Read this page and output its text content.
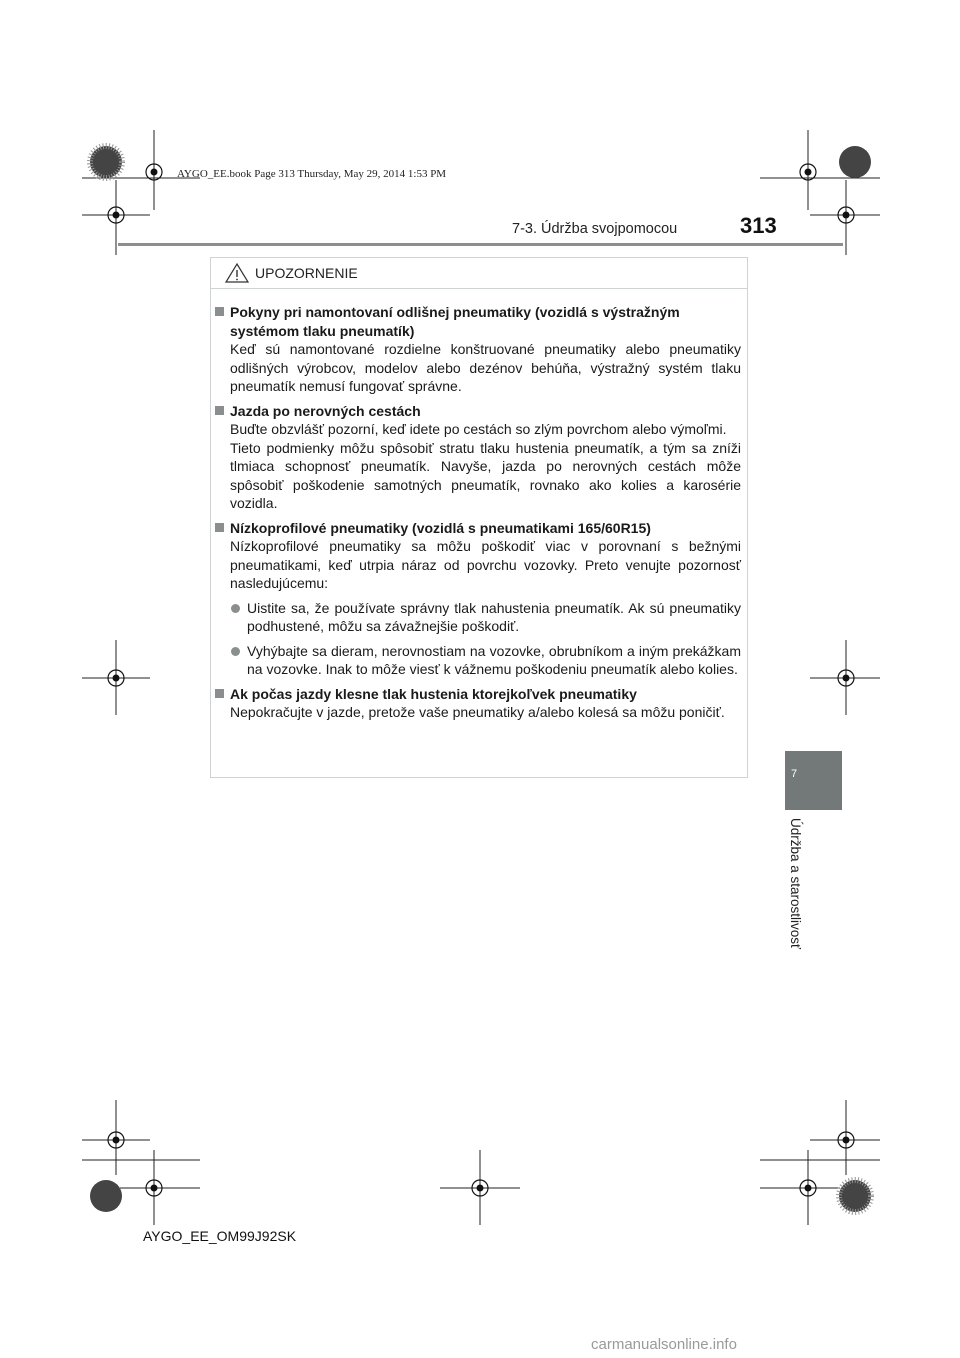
AYGO_EE.book Page 313 Thursday, May 29, 2014 1:53 PM
7-3. Údržba svojpomocou	313
7
Údržba a starostlivosť
UPOZORNENIE
Pokyny pri namontovaní odlišnej pneumatiky (vozidlá s výstražným systémom tlaku pneumatík)

Keď sú namontované rozdielne konštruované pneumatiky alebo pneumatiky odlišných výrobcov, modelov alebo dezénov behúňa, výstražný systém tlaku pneumatík nemusí fungovať správne.

Jazda po nerovných cestách

Buďte obzvlášť pozorní, keď idete po cestách so zlým povrchom alebo výmoľmi.

Tieto podmienky môžu spôsobiť stratu tlaku hustenia pneumatík, a tým sa zníži tlmiaca schopnosť pneumatík. Navyše, jazda po nerovných cestách môže spôsobiť poškodenie samotných pneumatík, rovnako ako kolies a karosérie vozidla.

Nízkoprofilové pneumatiky (vozidlá s pneumatikami 165/60R15)

Nízkoprofilové pneumatiky sa môžu poškodiť viac v porovnaní s bežnými pneumatikami, keď utrpia náraz od povrchu vozovky. Preto venujte pozornosť nasledujúcemu:

Uistite sa, že používate správny tlak nahustenia pneumatík. Ak sú pneumatiky podhustené, môžu sa závažnejšie poškodiť.
Vyhýbajte sa dieram, nerovnostiam na vozovke, obrubníkom a iným prekážkam na vozovke. Inak to môže viesť k vážnemu poškodeniu pneumatík alebo kolies.
Ak počas jazdy klesne tlak hustenia ktorejkoľvek pneumatiky

Nepokračujte v jazde, pretože vaše pneumatiky a/alebo kolesá sa môžu poničiť.

AYGO_EE_OM99J92SK
carmanualsonline.info
